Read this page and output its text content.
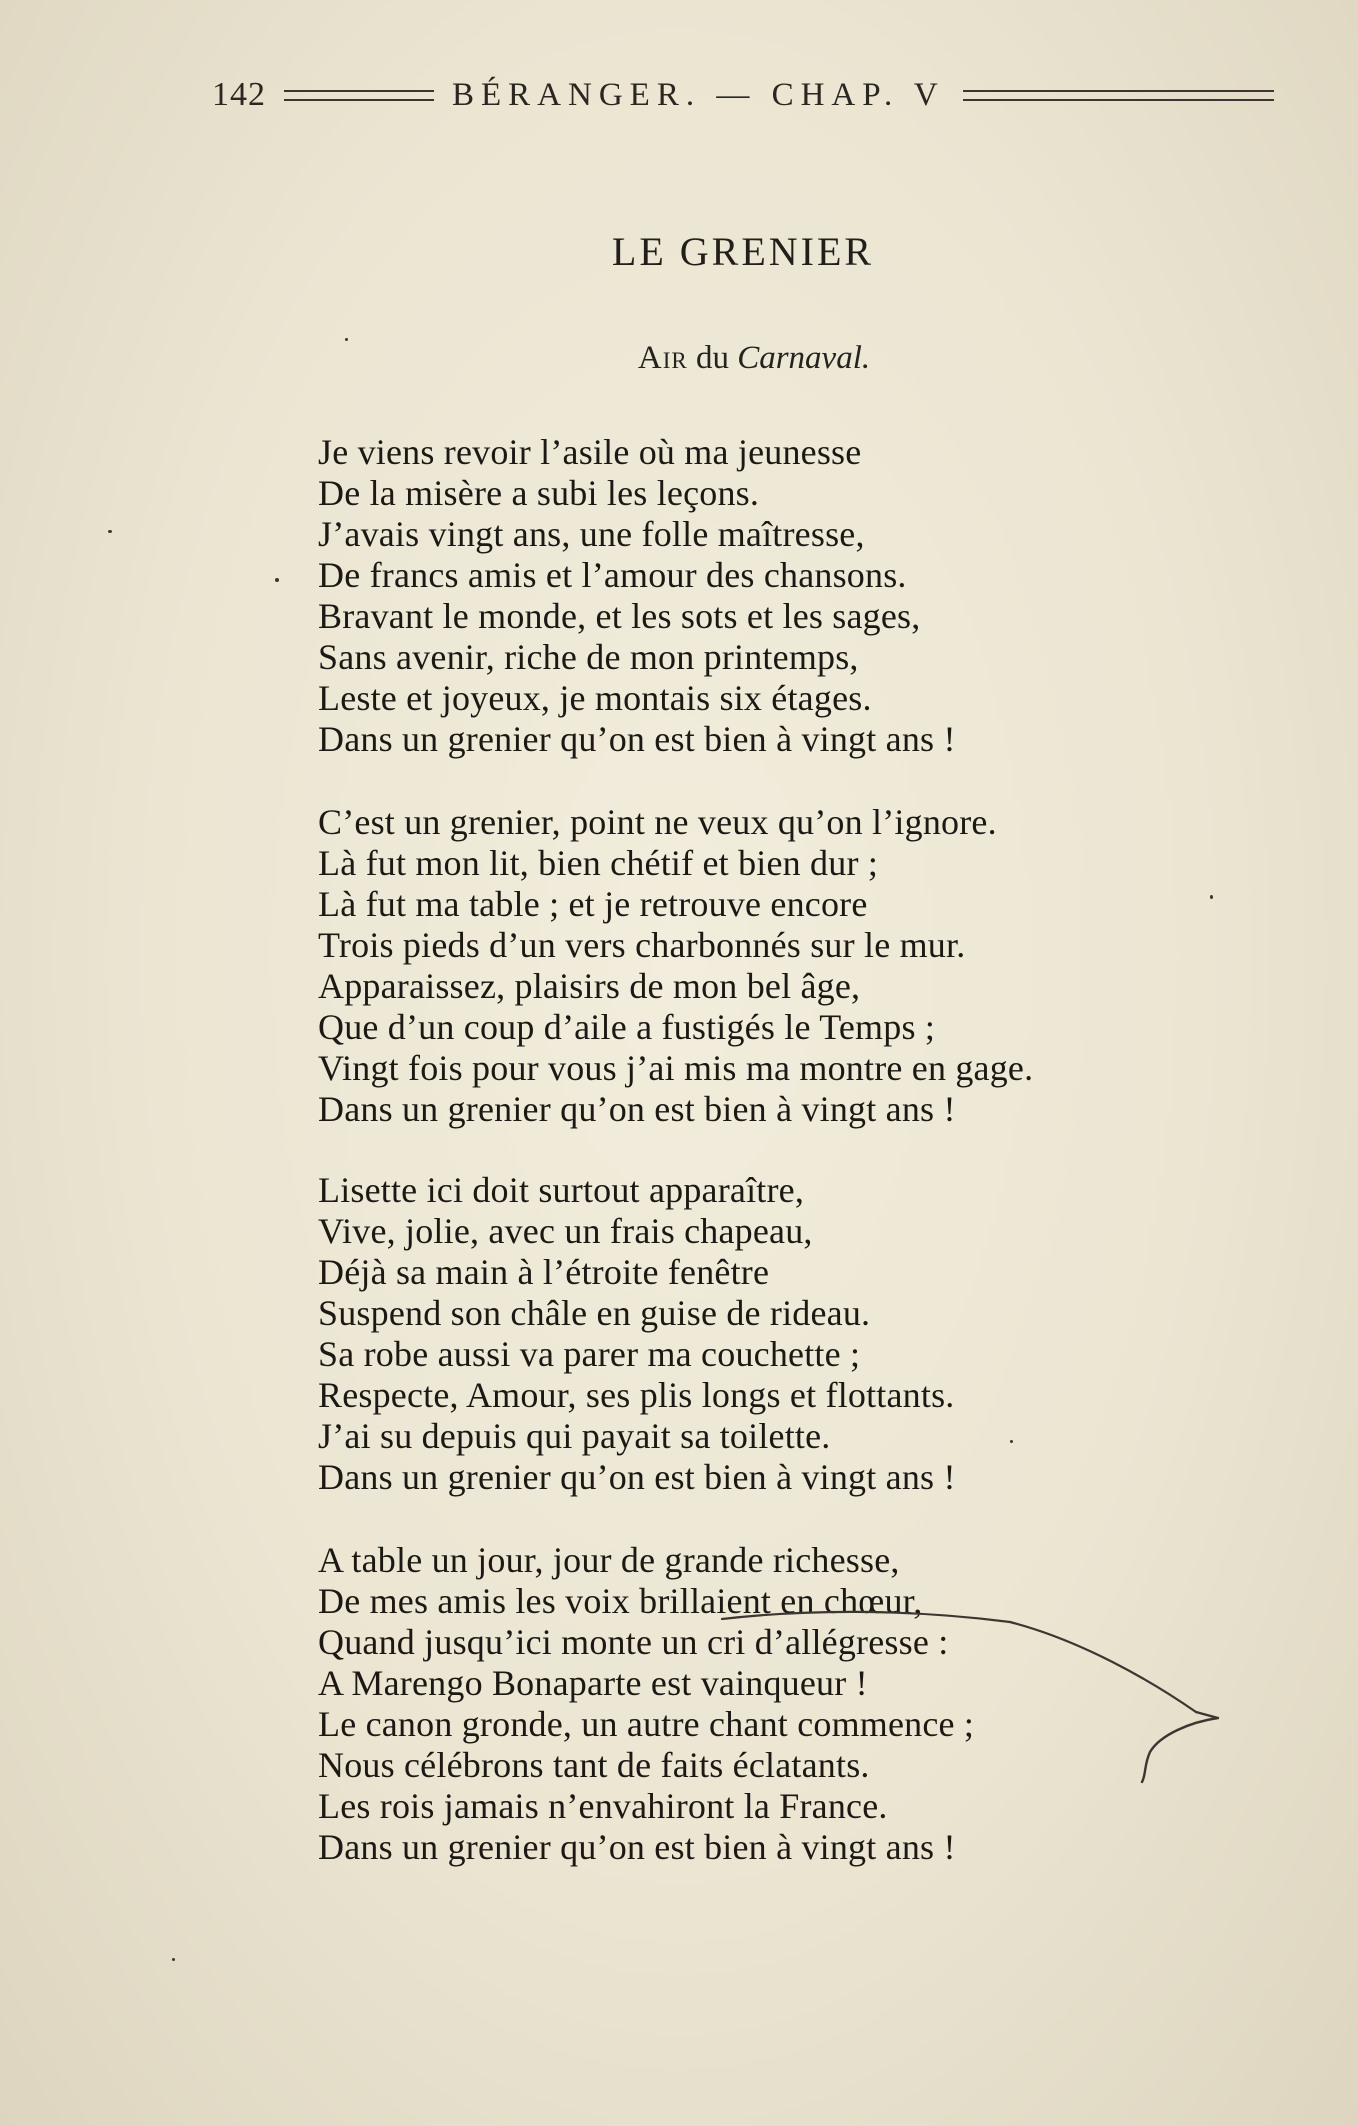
142	BÉRANGER. — CHAP. V
LE GRENIER
Air du Carnaval.
Je viens revoir l’asile où ma jeunesse
De la misère a subi les leçons.
J’avais vingt ans, une folle maîtresse,
De francs amis et l’amour des chansons.
Bravant le monde, et les sots et les sages,
Sans avenir, riche de mon printemps,
Leste et joyeux, je montais six étages.
Dans un grenier qu’on est bien à vingt ans !
C’est un grenier, point ne veux qu’on l’ignore.
Là fut mon lit, bien chétif et bien dur ;
Là fut ma table ; et je retrouve encore
Trois pieds d’un vers charbonnés sur le mur.
Apparaissez, plaisirs de mon bel âge,
Que d’un coup d’aile a fustigés le Temps ;
Vingt fois pour vous j’ai mis ma montre en gage.
Dans un grenier qu’on est bien à vingt ans !
Lisette ici doit surtout apparaître,
Vive, jolie, avec un frais chapeau,
Déjà sa main à l’étroite fenêtre
Suspend son châle en guise de rideau.
Sa robe aussi va parer ma couchette ;
Respecte, Amour, ses plis longs et flottants.
J’ai su depuis qui payait sa toilette.
Dans un grenier qu’on est bien à vingt ans !
A table un jour, jour de grande richesse,
De mes amis les voix brillaient en chœur,
Quand jusqu’ici monte un cri d’allégresse :
A Marengo Bonaparte est vainqueur !
Le canon gronde, un autre chant commence ;
Nous célébrons tant de faits éclatants.
Les rois jamais n’envahiront la France.
Dans un grenier qu’on est bien à vingt ans !
